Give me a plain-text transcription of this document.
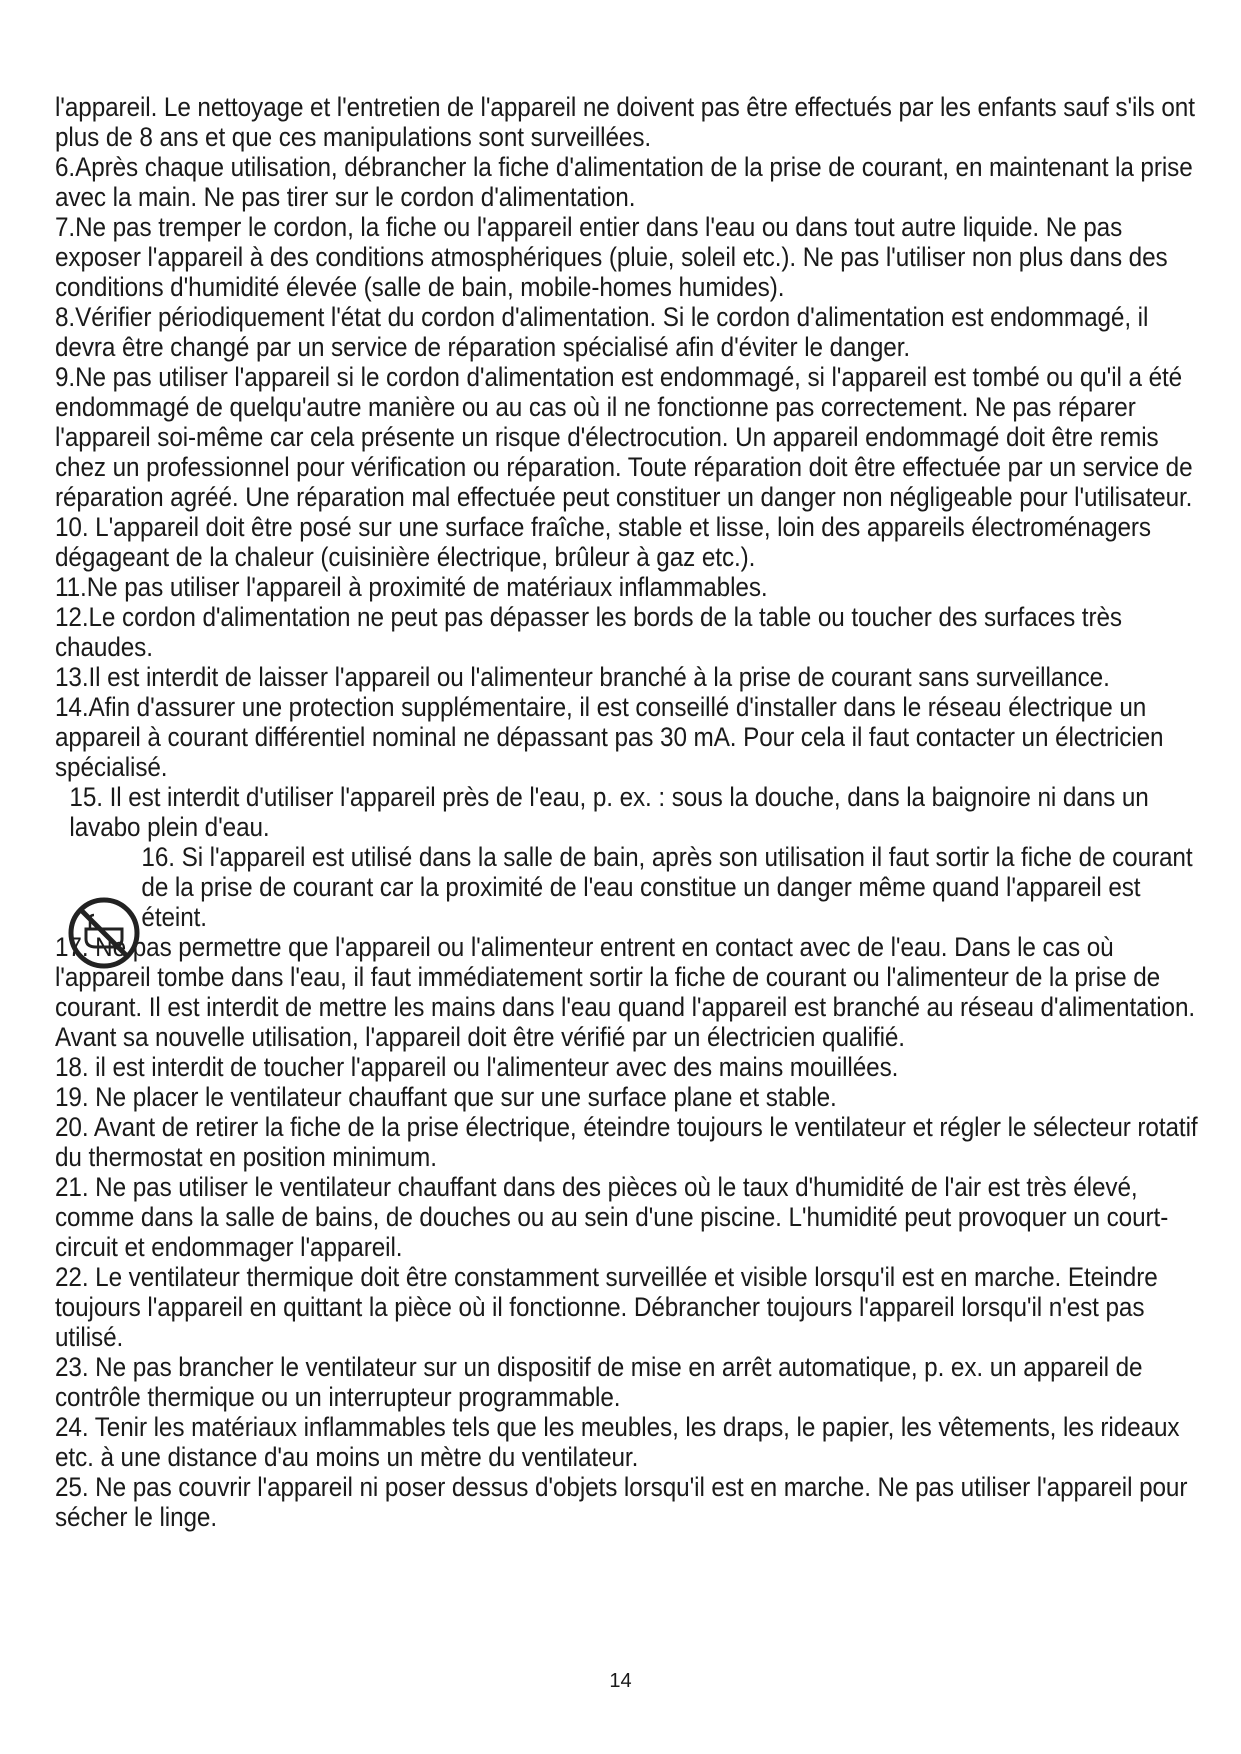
l'appareil. Le nettoyage et l'entretien de l'appareil ne doivent pas être effectués par les enfants sauf s'ils ont plus de 8 ans et que ces manipulations sont surveillées.

6.Après chaque utilisation, débrancher la fiche d'alimentation de la prise de courant, en maintenant la prise avec la main. Ne pas tirer sur le cordon d'alimentation.

7.Ne pas tremper le cordon, la fiche ou l'appareil entier dans l'eau ou dans tout autre liquide. Ne pas exposer l'appareil à des conditions atmosphériques (pluie, soleil etc.). Ne pas l'utiliser non plus dans des conditions d'humidité élevée (salle de bain, mobile-homes humides).

8.Vérifier périodiquement l'état du cordon d'alimentation. Si le cordon d'alimentation est endommagé, il devra être changé par un service de réparation spécialisé afin d'éviter le danger.

9.Ne pas utiliser l'appareil si le cordon d'alimentation est endommagé, si l'appareil est tombé ou qu'il a été endommagé de quelqu'autre manière ou au cas où il ne fonctionne pas correctement. Ne pas réparer l'appareil soi-même car cela présente un risque d'électrocution. Un appareil endommagé doit être remis chez un professionnel pour vérification ou réparation. Toute réparation doit être effectuée par un service de réparation agréé. Une réparation mal effectuée peut constituer un danger non négligeable pour l'utilisateur.

10. L'appareil doit être posé sur une surface fraîche, stable et lisse, loin des appareils électroménagers dégageant de la chaleur (cuisinière électrique, brûleur à gaz etc.).

11.Ne pas utiliser l'appareil à proximité de matériaux inflammables.

12.Le cordon d'alimentation ne peut pas dépasser les bords de la table ou toucher des surfaces très chaudes.

13.Il est interdit de laisser l'appareil ou l'alimenteur branché à la prise de courant sans surveillance.

14.Afin d'assurer une protection supplémentaire, il est conseillé d'installer dans le réseau électrique un appareil à courant différentiel nominal ne dépassant pas 30 mA. Pour cela il faut contacter un électricien spécialisé.

15. Il est interdit d'utiliser l'appareil près de l'eau, p. ex. : sous la douche, dans la baignoire ni dans un lavabo plein d'eau.

16. Si l'appareil est utilisé dans la salle de bain, après son utilisation il faut sortir la fiche de courant de la prise de courant car la proximité de l'eau constitue un danger même quand l'appareil est éteint.

17. Ne pas permettre que l'appareil ou l'alimenteur entrent en contact avec de l'eau. Dans le cas où l'appareil tombe dans l'eau, il faut immédiatement sortir la fiche de courant ou l'alimenteur de la prise de courant. Il est interdit de mettre les mains dans l'eau quand l'appareil est branché au réseau d'alimentation. Avant sa nouvelle utilisation, l'appareil doit être vérifié par un électricien qualifié.

18. il est interdit de toucher l'appareil ou l'alimenteur avec des mains mouillées.

19. Ne placer le ventilateur chauffant que sur une surface plane et stable.

20. Avant de retirer la fiche de la prise électrique, éteindre toujours le ventilateur et régler le sélecteur rotatif du thermostat en position minimum.

21. Ne pas utiliser le ventilateur chauffant dans des pièces où le taux d'humidité de l'air est très élevé, comme dans la salle de bains, de douches ou au sein d'une piscine. L'humidité peut provoquer un court-circuit et endommager l'appareil.

22. Le ventilateur thermique doit être constamment surveillée et visible lorsqu'il est en marche. Eteindre toujours l'appareil en quittant la pièce où il fonctionne. Débrancher toujours l'appareil lorsqu'il n'est pas utilisé.

23. Ne pas brancher le ventilateur sur un dispositif de mise en arrêt automatique, p. ex. un appareil de contrôle thermique ou un interrupteur programmable.

24. Tenir les matériaux inflammables tels que les meubles, les draps, le papier, les vêtements, les rideaux etc. à une distance d'au moins un mètre du ventilateur.

25. Ne pas couvrir l'appareil ni poser dessus d'objets lorsqu'il est en marche. Ne pas utiliser l'appareil pour sécher le linge.

14
